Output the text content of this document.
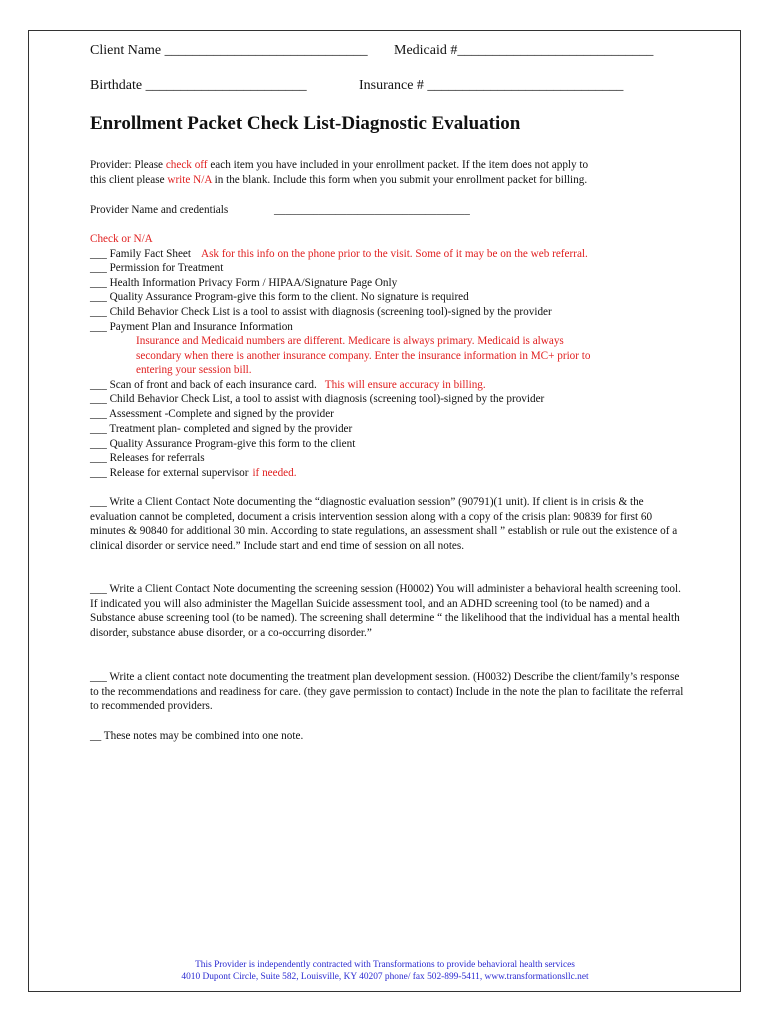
Client Name _____________________________ Medicaid #____________________________
Birthdate _______________________	Insurance # ____________________________
Enrollment Packet Check List-Diagnostic Evaluation
Provider: Please check off each item you have included in your enrollment packet. If the item does not apply to
this client please write N/A in the blank. Include this form when you submit your enrollment packet for billing.
Provider Name and credentials	___________________________________
Check or N/A
___ Family Fact Sheet Ask for this info on the phone prior to the visit. Some of it may be on the web referral.
___ Permission for Treatment
___ Health Information Privacy Form / HIPAA/Signature Page Only
___ Quality Assurance Program-give this form to the client. No signature is required
___ Child Behavior Check List is a tool to assist with diagnosis (screening tool)-signed by the provider
___ Payment Plan and Insurance Information
Insurance and Medicaid numbers are different. Medicare is always primary. Medicaid is always
secondary when there is another insurance company. Enter the insurance information in MC+ prior to
entering your session bill.
___ Scan of front and back of each insurance card. This will ensure accuracy in billing.
___ Child Behavior Check List, a tool to assist with diagnosis (screening tool)-signed by the provider
___ Assessment -Complete and signed by the provider
___ Treatment plan- completed and signed by the provider
___ Quality Assurance Program-give this form to the client
___ Releases for referrals
___ Release for external supervisor if needed.
___ Write a Client Contact Note documenting the “diagnostic evaluation session” (90791)(1 unit). If client is in crisis & the evaluation cannot be completed, document a crisis intervention session along with a copy of the crisis plan: 90839 for first 60 minutes & 90840 for additional 30 min. According to state regulations, an assessment shall ” establish or rule out the existence of a clinical disorder or service need.” Include start and end time of session on all notes.
___ Write a Client Contact Note documenting the screening session (H0002) You will administer a behavioral health screening tool. If indicated you will also administer the Magellan Suicide assessment tool, and an ADHD screening tool (to be named) and a Substance abuse screening tool (to be named). The screening shall determine “ the likelihood that the individual has a mental health disorder, substance abuse disorder, or a co-occurring disorder.”
___ Write a client contact note documenting the treatment plan development session. (H0032) Describe the client/family’s response to the recommendations and readiness for care. (they gave permission to contact) Include in the note the plan to facilitate the referral to recommended providers.
__ These notes may be combined into one note.
This Provider is independently contracted with Transformations to provide behavioral health services
4010 Dupont Circle, Suite 582, Louisville, KY 40207 phone/ fax 502-899-5411, www.transformationsllc.net
